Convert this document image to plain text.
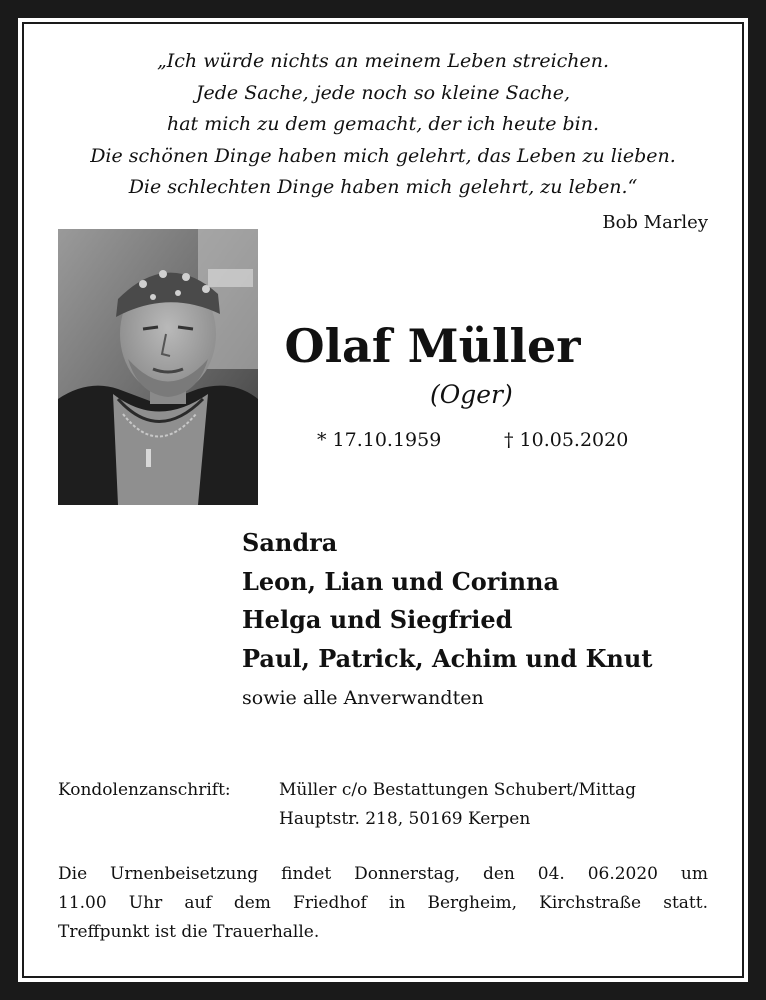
„Ich würde nichts an meinem Leben streichen.
Jede Sache, jede noch so kleine Sache,
hat mich zu dem gemacht, der ich heute bin.
Die schönen Dinge haben mich gelehrt, das Leben zu lieben.
Die schlechten Dinge haben mich gelehrt, zu leben.“
Bob Marley
Olaf Müller
(Oger)
* 17.10.1959	† 10.05.2020
Sandra
Leon, Lian und Corinna
Helga und Siegfried
Paul, Patrick, Achim und Knut
sowie alle Anverwandten
Kondolenzanschrift:	Müller c/o Bestattungen Schubert/Mittag
Hauptstr. 218, 50169 Kerpen
Die Urnenbeisetzung findet Donnerstag, den 04. 06.2020 um
11.00 Uhr auf dem Friedhof in Bergheim, Kirchstraße statt.
Treffpunkt ist die Trauerhalle.
